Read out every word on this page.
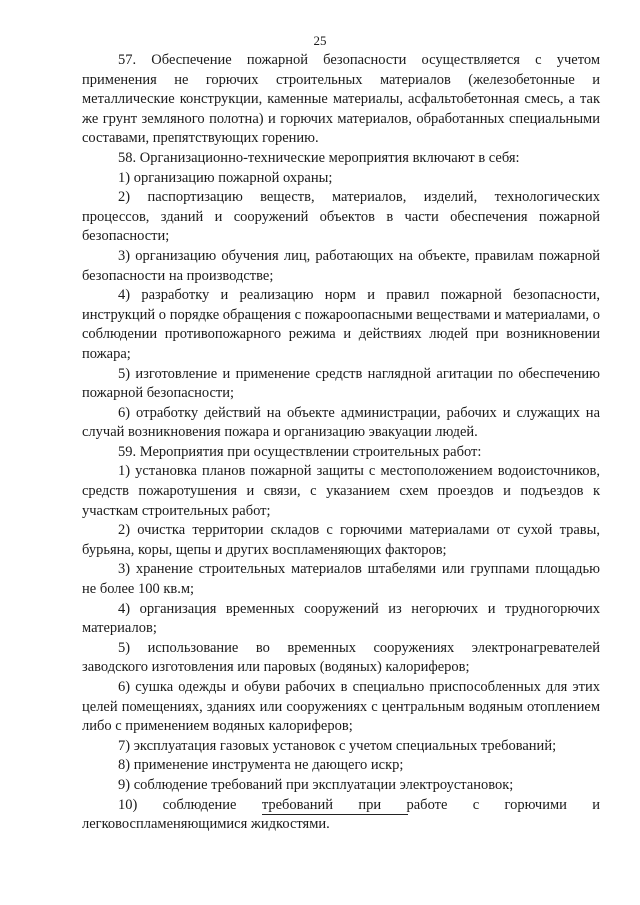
25

57. Обеспечение пожарной безопасности осуществляется с учетом применения не горючих строительных материалов (железобетонные и металлические конструкции, каменные материалы, асфальтобетонная смесь, а так же грунт земляного полотна) и горючих материалов, обработанных специальными составами, препятствующих горению.

58. Организационно-технические мероприятия включают в себя:

1) организацию пожарной охраны;

2) паспортизацию веществ, материалов, изделий, технологических процессов, зданий и сооружений объектов в части обеспечения пожарной безопасности;

3) организацию обучения лиц, работающих на объекте, правилам пожарной безопасности на производстве;

4) разработку и реализацию норм и правил пожарной безопасности, инструкций о порядке обращения с пожароопасными веществами и материалами, о соблюдении противопожарного режима и действиях людей при возникновении пожара;

5) изготовление и применение средств наглядной агитации по обеспечению пожарной безопасности;

6) отработку действий на объекте администрации, рабочих и служащих на случай возникновения пожара и организацию эвакуации людей.

59. Мероприятия при осуществлении строительных работ:

1) установка планов пожарной защиты с местоположением водоисточников, средств пожаротушения и связи, с указанием схем проездов и подъездов к участкам строительных работ;

2) очистка территории складов с горючими материалами от сухой травы, бурьяна, коры, щепы и других воспламеняющих факторов;

3) хранение строительных материалов штабелями или группами площадью не более 100 кв.м;

4) организация временных сооружений из негорючих и трудногорючих материалов;

5) использование во временных сооружениях электронагревателей заводского изготовления или паровых (водяных) калориферов;

6) сушка одежды и обуви рабочих в специально приспособленных для этих целей помещениях, зданиях или сооружениях с центральным водяным отоплением либо с применением водяных калориферов;

7) эксплуатация газовых установок с учетом специальных требований;

8) применение инструмента не дающего искр;

9) соблюдение требований при эксплуатации электроустановок;

10) соблюдение требований при работе с горючими и легковоспламеняющимися жидкостями.
